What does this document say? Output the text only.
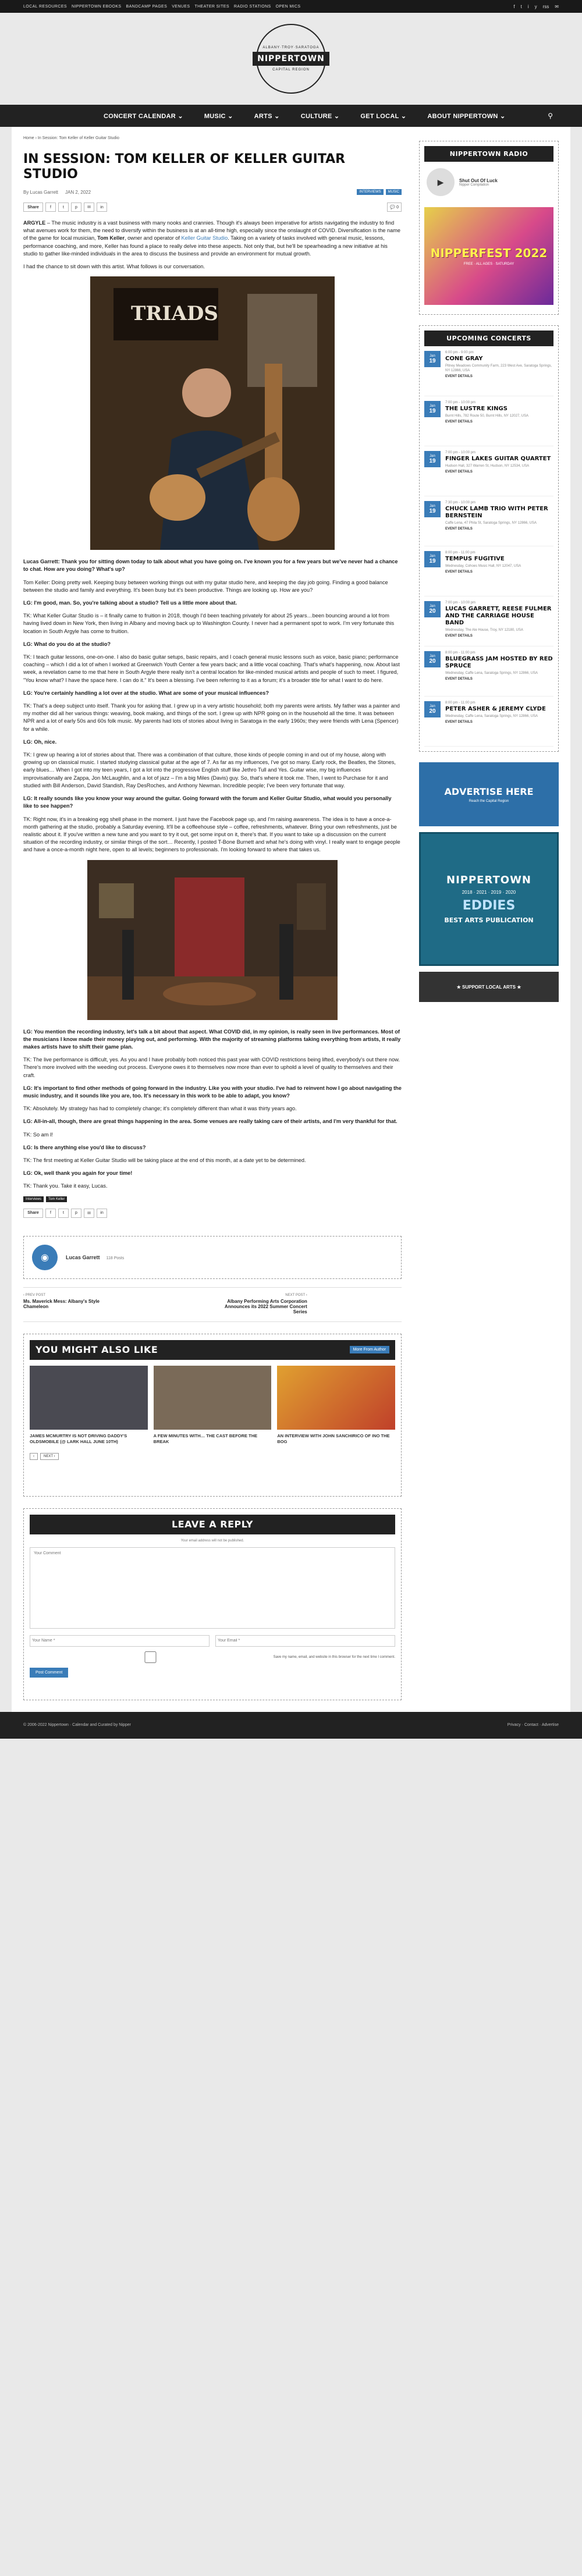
LOCAL RESOURCES NIPPERTOWN EBOOKS BANDCAMP PAGES VENUES THEATER SITES RADIO STATIONS OPEN MICS	f t i y rss ✉
ALBANY·TROY·SARATOGA
NIPPERTOWN
CAPITAL REGION
CONCERT CALENDAR ⌄	MUSIC ⌄	ARTS ⌄	CULTURE ⌄	GET LOCAL ⌄	ABOUT NIPPERTOWN ⌄	⚲
Home › In Session: Tom Keller of Keller Guitar Studio
IN SESSION: TOM KELLER OF KELLER GUITAR STUDIO
By Lucas Garrett JAN 2, 2022	INTERVIEWS	MUSIC
Share	f	t	p	✉	in	💬 0

ARGYLE – The music industry is a vast business with many nooks and crannies. Though it's always been imperative for artists navigating the industry to find what avenues work for them, the need to diversify within the business is at an all-time high, especially since the onslaught of COVID. Diversification is the name of the game for local musician, Tom Keller, owner and operator of Keller Guitar Studio. Taking on a variety of tasks involved with general music, lessons, performance coaching, and more, Keller has found a place to really delve into these aspects. Not only that, but he'll be spearheading a new initiative at his studio to gather like-minded individuals in the area to discuss the business and provide an environment for mutual growth.

I had the chance to sit down with this artist. What follows is our conversation.

TRIADS

Lucas Garrett: Thank you for sitting down today to talk about what you have going on. I've known you for a few years but we've never had a chance to chat. How are you doing? What's up?

Tom Keller: Doing pretty well. Keeping busy between working things out with my guitar studio here, and keeping the day job going. Finding a good balance between the studio and family and everything. It's been busy but it's been productive. Things are looking up. How are you?

LG: I'm good, man. So, you're talking about a studio? Tell us a little more about that.

TK: What Keller Guitar Studio is – it finally came to fruition in 2018, though I'd been teaching privately for about 25 years…been bouncing around a lot from having lived down in New York, then living in Albany and moving back up to Washington County. I never had a permanent spot to work. I'm very fortunate this location in South Argyle has come to fruition.

LG: What do you do at the studio?

TK: I teach guitar lessons, one-on-one. I also do basic guitar setups, basic repairs, and I coach general music lessons such as voice, basic piano; performance coaching – which I did a lot of when I worked at Greenwich Youth Center a few years back; and a little vocal coaching. That's what's happening, now. About last week, a revelation came to me that here in South Argyle there really isn't a central location for like-minded musical artists and people of such to meet. I figured, "You know what? I have the space here. I can do it." It's been a blessing. I've been referring to it as a forum; it's a broader title for what I want to do here.

LG: You're certainly handling a lot over at the studio. What are some of your musical influences?

TK: That's a deep subject unto itself. Thank you for asking that. I grew up in a very artistic household; both my parents were artists. My father was a painter and my mother did all her various things: weaving, book making, and things of the sort. I grew up with NPR going on in the household all the time. It was between NPR and a lot of early 50s and 60s folk music. My parents had lots of stories about living in Saratoga in the early 1960s; they were friends with Lena (Spencer) for a while.

LG: Oh, nice.

TK: I grew up hearing a lot of stories about that. There was a combination of that culture, those kinds of people coming in and out of my house, along with growing up on classical music. I started studying classical guitar at the age of 7. As far as my influences, I've got so many. Early rock, the Beatles, the Stones, early blues… When I got into my teen years, I got a lot into the progressive English stuff like Jethro Tull and Yes. Guitar wise, my big influences improvisationally are Zappa, Jon McLaughlin, and a lot of jazz – I'm a big Miles (Davis) guy. So, that's where it took me. Then, I went to Purchase for it and studied with Bill Anderson, David Standish, Ray DesRoches, and Anthony Newman. Incredible people; I've been very fortunate that way.

LG: It really sounds like you know your way around the guitar. Going forward with the forum and Keller Guitar Studio, what would you personally like to see happen?

TK: Right now, it's in a breaking egg shell phase in the moment. I just have the Facebook page up, and I'm raising awareness. The idea is to have a once-a-month gathering at the studio, probably a Saturday evening. It'll be a coffeehouse style – coffee, refreshments, whatever. Bring your own refreshments, just be realistic about it. If you've written a new tune and you want to try it out, get some input on it, there's that. If you want to take up a discussion on the current situation of the recording industry, or similar things of the sort… Recently, I posted T-Bone Burnett and what he's doing with vinyl. I really want to engage people and have a once-a-month night here, open to all levels; beginners to professionals. I'm looking forward to where that takes us.

LG: You mention the recording industry, let's talk a bit about that aspect. What COVID did, in my opinion, is really seen in live performances. Most of the musicians I know made their money playing out, and performing. With the majority of streaming platforms taking everything from artists, it really makes artists have to shift their game plan.

TK: The live performance is difficult, yes. As you and I have probably both noticed this past year with COVID restrictions being lifted, everybody's out there now. There's more involved with the weeding out process. Everyone owes it to themselves now more than ever to uphold a level of quality to themselves and their craft.

LG: It's important to find other methods of going forward in the industry. Like you with your studio. I've had to reinvent how I go about navigating the music industry, and it sounds like you are, too. It's necessary in this work to be able to adapt, you know?

TK: Absolutely. My strategy has had to completely change; it's completely different than what it was thirty years ago.

LG: All-in-all, though, there are great things happening in the area. Some venues are really taking care of their artists, and I'm very thankful for that.

TK: So am I!

LG: Is there anything else you'd like to discuss?

TK: The first meeting at Keller Guitar Studio will be taking place at the end of this month, at a date yet to be determined.

LG: Ok, well thank you again for your time!

TK: Thank you. Take it easy, Lucas.

Interviews	Tom Keller
Share	f	t	p	✉	in
◉	Lucas Garrett 118 Posts
‹ PREV POST
Ms. Maverick Mess: Albany's Style Chameleon
NEXT POST ›
Albany Performing Arts Corporation Announces its 2022 Summer Concert Series
YOU MIGHT ALSO LIKE	More From Author
JAMES MCMURTRY IS NOT DRIVING DADDY'S OLDSMOBILE (@ LARK HALL JUNE 10TH)
A FEW MINUTES WITH… THE CAST BEFORE THE BREAK
AN INTERVIEW WITH JOHN SANCHIRICO OF INO THE BOG
‹	NEXT ›
LEAVE A REPLY
Your email address will not be published.
Your Comment
Your Name *
Your Email *
Save my name, email, and website in this browser for the next time I comment.
Post Comment
NIPPERTOWN RADIO
▶	Shut Out Of Luck
Nipper Compilation
NIPPERFEST 2022
FREE · ALL AGES · SATURDAY
UPCOMING CONCERTS
Jan
19
6:00 pm - 9:00 pm
CONE GRAY
Pitney Meadows Community Farm, 223 West Ave, Saratoga Springs, NY 12866, USA
EVENT DETAILS
Jan
19
7:00 pm - 10:00 pm
THE LUSTRE KINGS
Burnt Hills, 782 Route 50, Burnt Hills, NY 12027, USA
EVENT DETAILS
Jan
19
7:00 pm - 10:00 pm
FINGER LAKES GUITAR QUARTET
Hudson Hall, 327 Warren St, Hudson, NY 12534, USA
EVENT DETAILS
Jan
19
7:30 pm - 10:00 pm
CHUCK LAMB TRIO WITH PETER BERNSTEIN
Caffe Lena, 47 Phila St, Saratoga Springs, NY 12866, USA
EVENT DETAILS
Jan
19
8:00 pm - 11:00 pm
TEMPUS FUGITIVE
Wednesday, Cohoes Music Hall, NY 12047, USA
EVENT DETAILS
Jan
20
7:00 pm - 10:00 pm
LUCAS GARRETT, REESE FULMER AND THE CARRIAGE HOUSE BAND
Wednesday, The Ale House, Troy, NY 12180, USA
EVENT DETAILS
Jan
20
8:00 pm - 11:00 pm
BLUEGRASS JAM HOSTED BY RED SPRUCE
Wednesday, Caffe Lena, Saratoga Springs, NY 12866, USA
EVENT DETAILS
Jan
20
8:00 pm - 11:00 pm
PETER ASHER & JEREMY CLYDE
Wednesday, Caffe Lena, Saratoga Springs, NY 12866, USA
EVENT DETAILS
ADVERTISE HERE
Reach the Capital Region
NIPPERTOWN
2018 · 2021 · 2019 · 2020
EDDIES
BEST ARTS PUBLICATION
★ SUPPORT LOCAL ARTS ★
© 2006-2022 Nippertown · Calendar and Curated by Nipper	Privacy · Contact · Advertise
